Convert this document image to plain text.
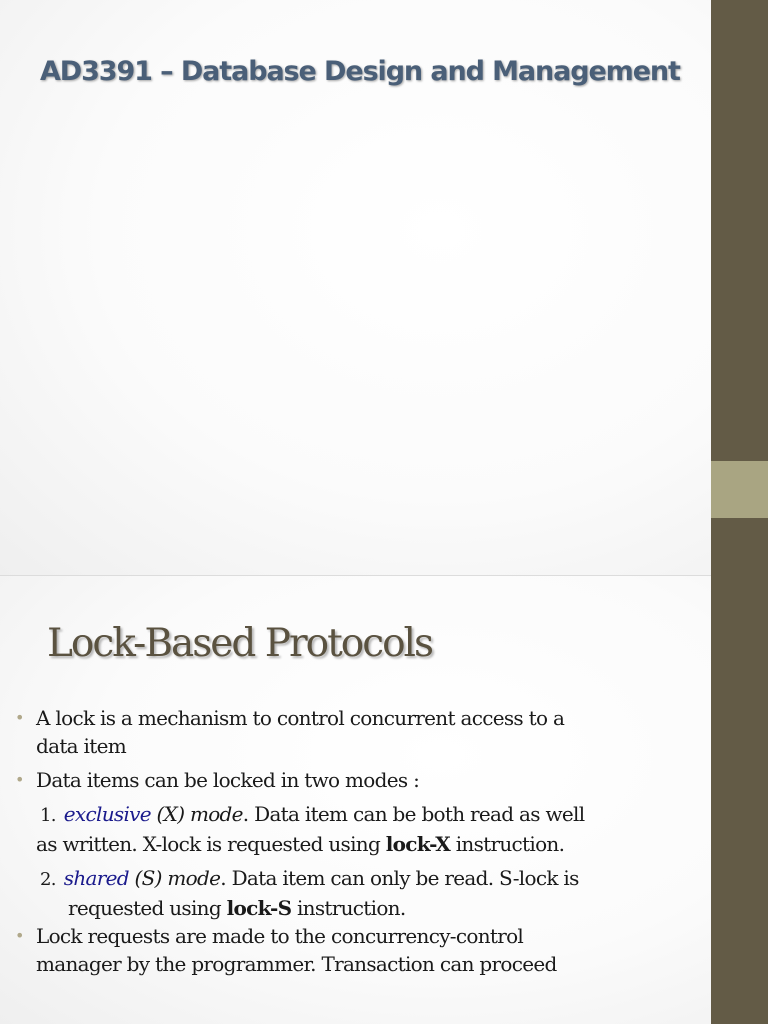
AD3391 – Database Design and Management
Lock-Based Protocols
• A lock is a mechanism to control concurrent access to a data item
• Data items can be locked in two modes :
1. exclusive (X) mode. Data item can be both read as well as written. X-lock is requested using lock-X instruction.
2. shared (S) mode. Data item can only be read. S-lock is
requested using lock-S instruction.
• Lock requests are made to the concurrency-control manager by the programmer. Transaction can proceed
